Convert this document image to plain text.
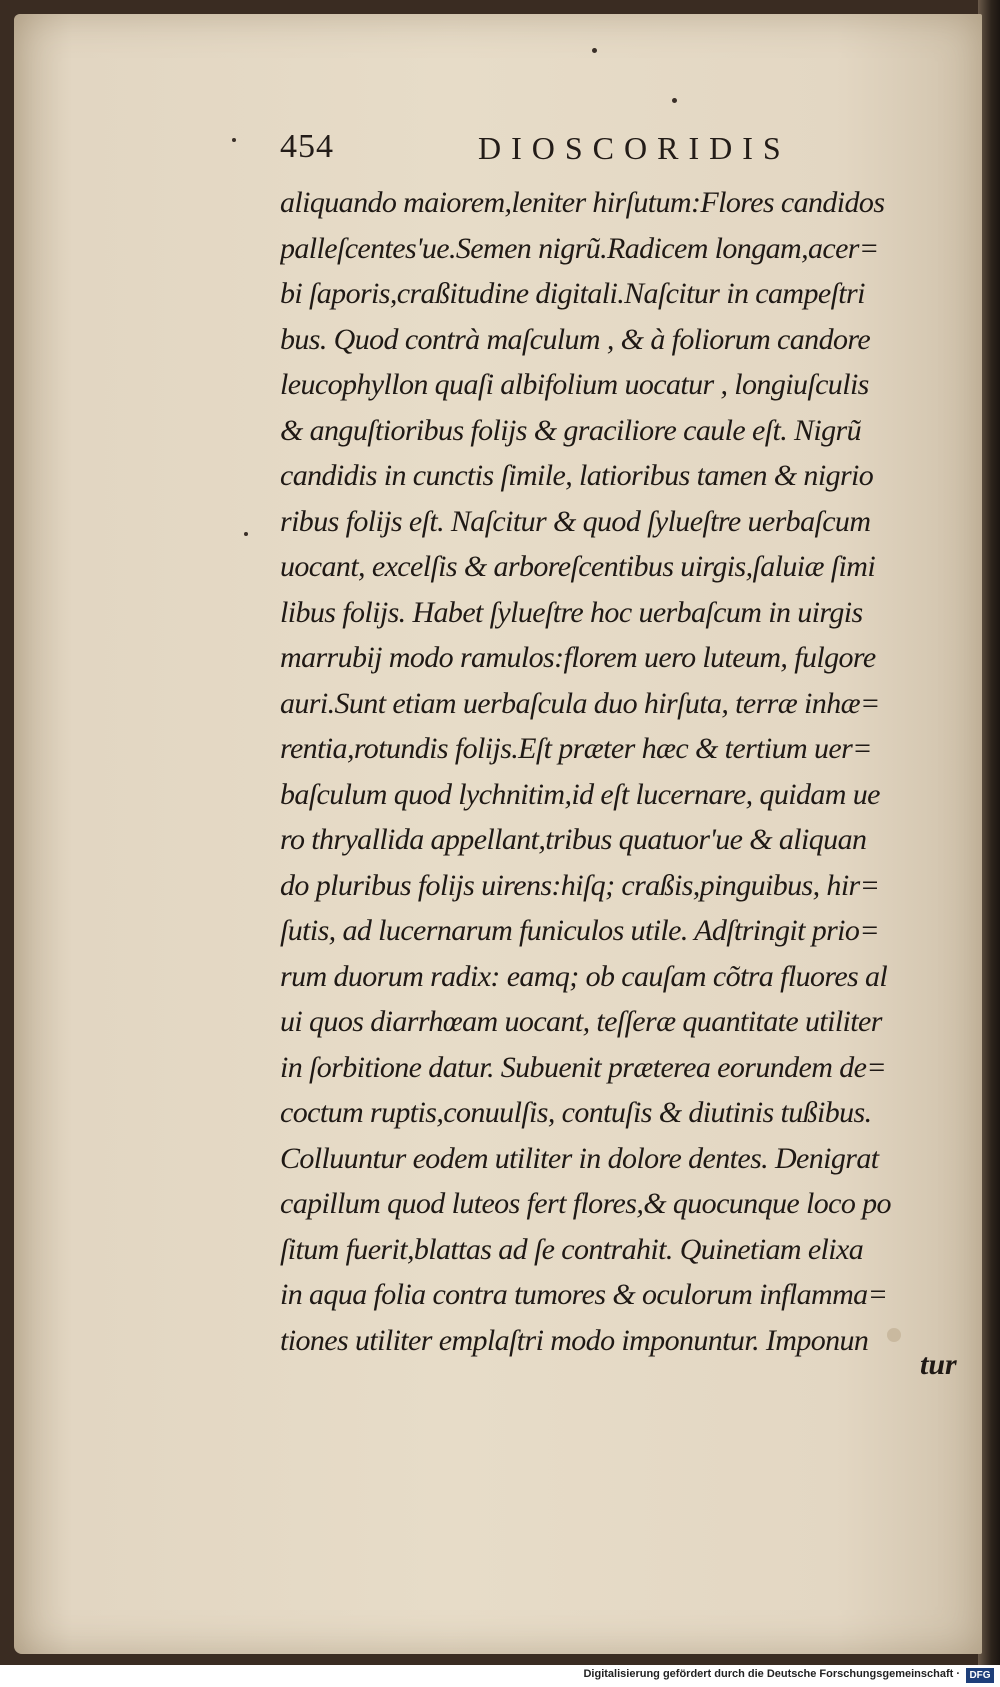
454	DIOSCORIDIS
aliquando maiorem,leniter hirſutum:Flores candidos
palleſcentes'ue.Semen nigrũ.Radicem longam,acer=
bi ſaporis,craßitudine digitali.Naſcitur in campeſtri
bus. Quod contrà maſculum , & à foliorum candore
leucophyllon quaſi albifolium uocatur , longiuſculis
& anguſtioribus folijs & graciliore caule eſt. Nigrũ
candidis in cunctis ſimile, latioribus tamen & nigrio
ribus folijs eſt. Naſcitur & quod ſylueſtre uerbaſcum
uocant, excelſis & arboreſcentibus uirgis,ſaluiæ ſimi
libus folijs. Habet ſylueſtre hoc uerbaſcum in uirgis
marrubij modo ramulos:florem uero luteum, fulgore
auri.Sunt etiam uerbaſcula duo hirſuta, terræ inhæ=
rentia,rotundis folijs.Eſt præter hæc & tertium uer=
baſculum quod lychnitim,id eſt lucernare, quidam ue
ro thryallida appellant,tribus quatuor'ue & aliquan
do pluribus folijs uirens:hiſq; craßis,pinguibus, hir=
ſutis, ad lucernarum funiculos utile. Adſtringit prio=
rum duorum radix: eamq; ob cauſam cõtra fluores al
ui quos diarrhœam uocant, teſſeræ quantitate utiliter
in ſorbitione datur. Subuenit præterea eorundem de=
coctum ruptis,conuulſis, contuſis & diutinis tußibus.
Colluuntur eodem utiliter in dolore dentes. Denigrat
capillum quod luteos fert flores,& quocunque loco po
ſitum fuerit,blattas ad ſe contrahit. Quinetiam elixa
in aqua folia contra tumores & oculorum inflamma=
tiones utiliter emplaſtri modo imponuntur. Imponun
tur
Digitalisierung gefördert durch die Deutsche Forschungsgemeinschaft · DFG
